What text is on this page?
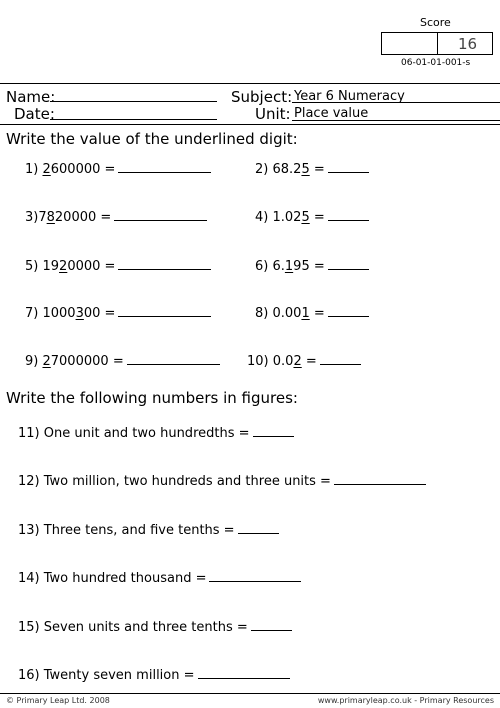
Score
16
06-01-01-001-s
Name:	Subject: Year 6 Numeracy
Date:	Unit: Place value
Write the value of the underlined digit:
1) 2600000 =	2) 68.25 =
3)7820000 =	4) 1.025 =
5) 1920000 =	6) 6.195 =
7) 1000300 =	8) 0.001 =
9) 27000000 =	10) 0.02 =
Write the following numbers in figures:
11) One unit and two hundredths =
12) Two million, two hundreds and three units =
13) Three tens, and five tenths =
14) Two hundred thousand =
15) Seven units and three tenths =
16) Twenty seven million =
© Primary Leap Ltd. 2008	www.primaryleap.co.uk - Primary Resources
